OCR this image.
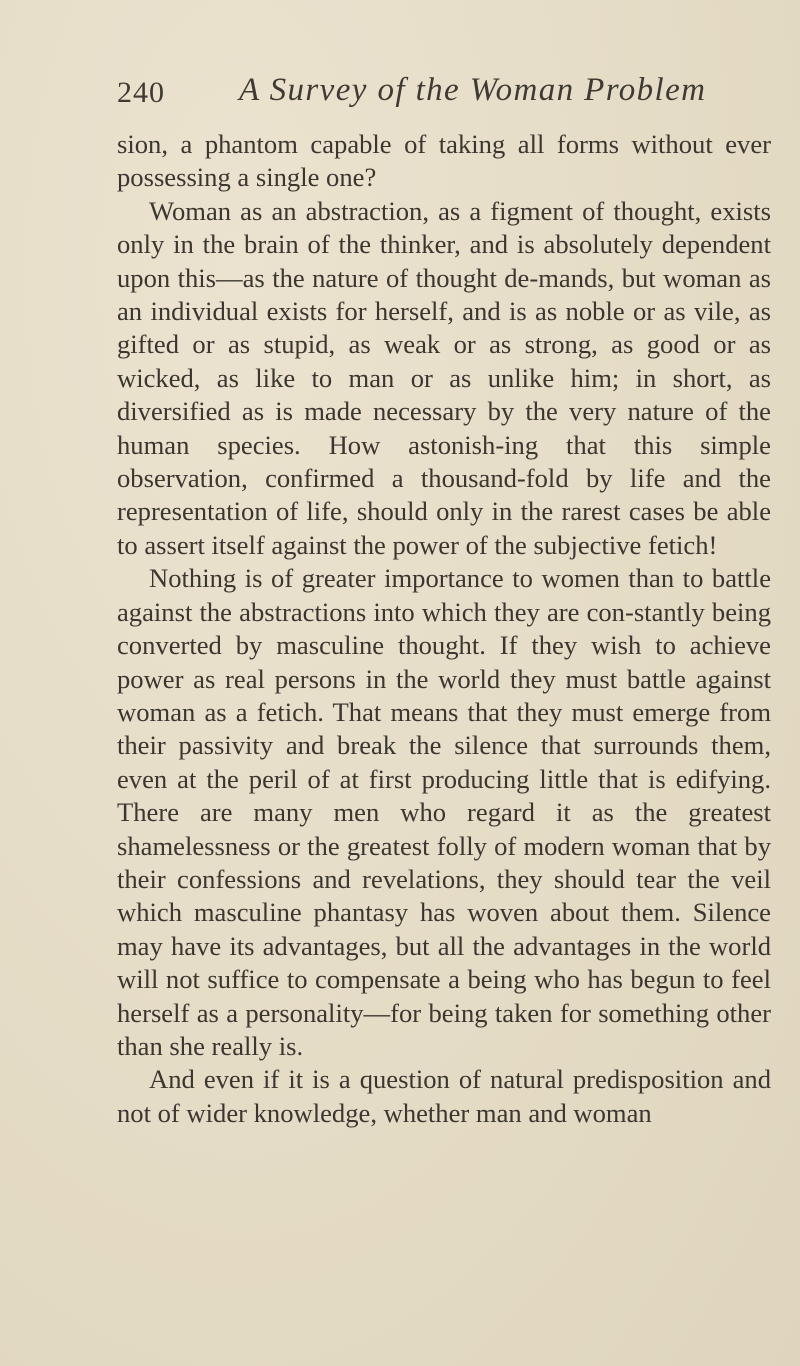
240 A Survey of the Woman Problem

sion, a phantom capable of taking all forms without ever possessing a single one?

Woman as an abstraction, as a figment of thought, exists only in the brain of the thinker, and is absolutely dependent upon this—as the nature of thought de-mands, but woman as an individual exists for herself, and is as noble or as vile, as gifted or as stupid, as weak or as strong, as good or as wicked, as like to man or as unlike him; in short, as diversified as is made necessary by the very nature of the human species. How astonish-ing that this simple observation, confirmed a thousand-fold by life and the representation of life, should only in the rarest cases be able to assert itself against the power of the subjective fetich!

Nothing is of greater importance to women than to battle against the abstractions into which they are con-stantly being converted by masculine thought. If they wish to achieve power as real persons in the world they must battle against woman as a fetich. That means that they must emerge from their passivity and break the silence that surrounds them, even at the peril of at first producing little that is edifying. There are many men who regard it as the greatest shamelessness or the greatest folly of modern woman that by their confessions and revelations, they should tear the veil which masculine phantasy has woven about them. Silence may have its advantages, but all the advantages in the world will not suffice to compensate a being who has begun to feel herself as a personality—for being taken for something other than she really is.

And even if it is a question of natural predisposition and not of wider knowledge, whether man and woman
